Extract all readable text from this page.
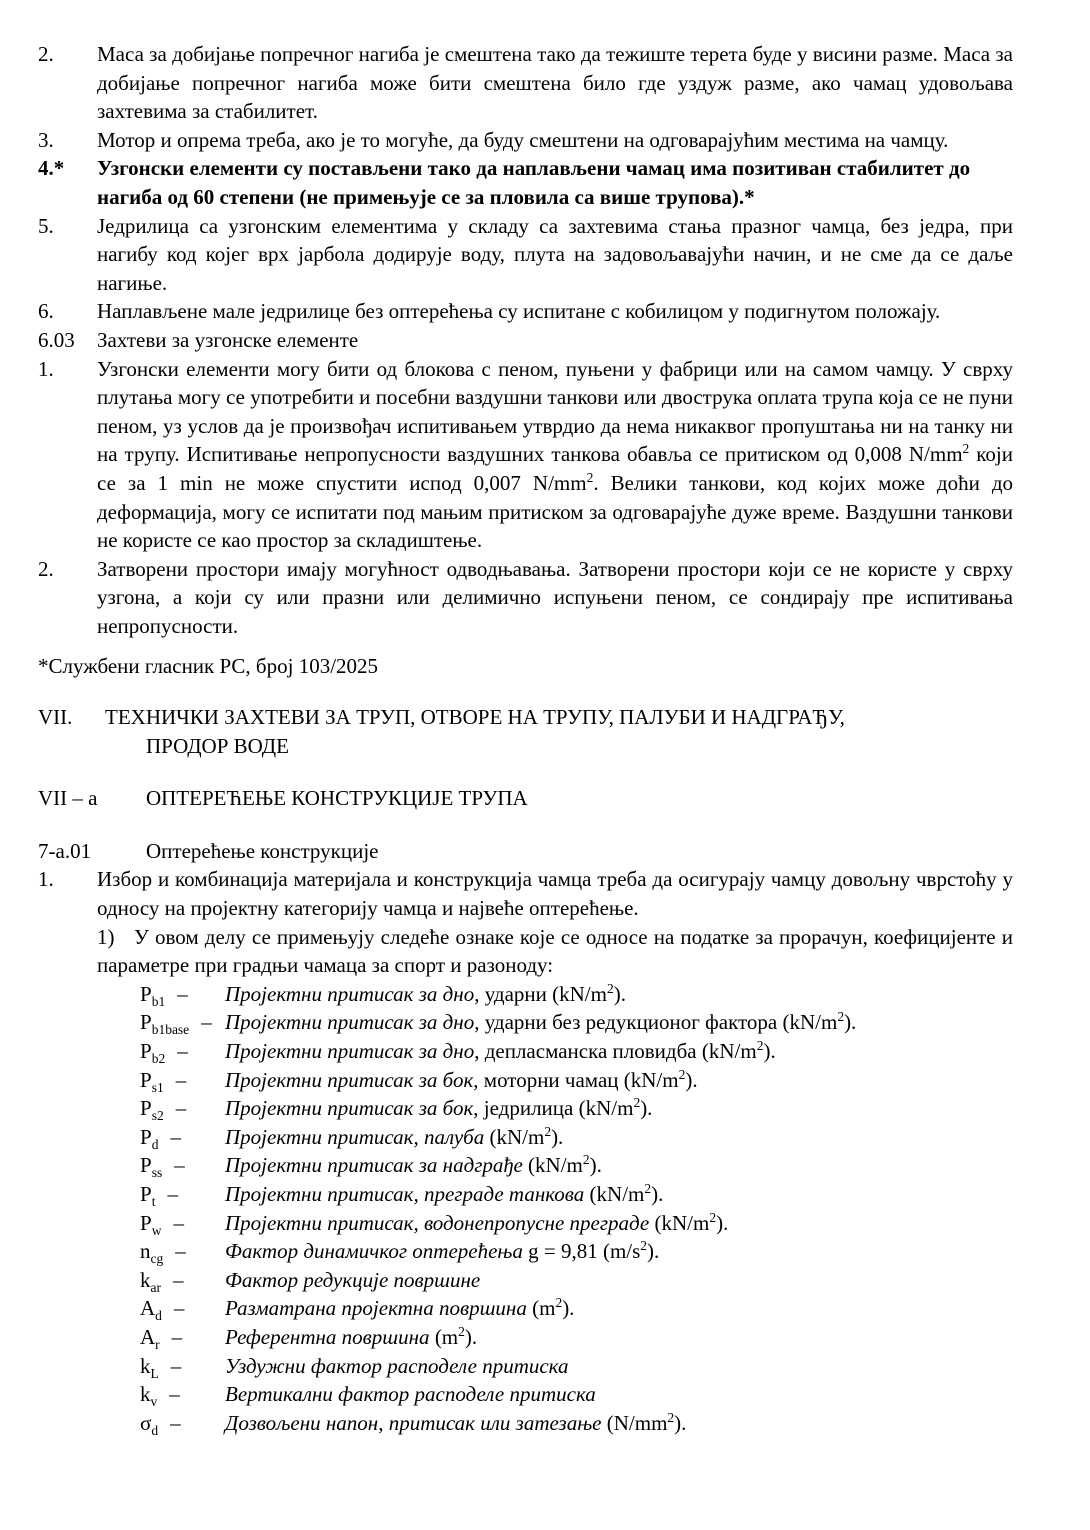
2. Маса за добијање попречног нагиба је смештена тако да тежиште терета буде у висини разме. Маса за добијање попречног нагиба може бити смештена било где уздуж разме, ако чамац удовољава захтевима за стабилитет.

3. Мотор и опрема треба, ако је то могуће, да буду смештени на одговарајућим местима на чамцу.

4.* Узгонски елементи су постављени тако да наплављени чамац има позитиван стабилитет до нагиба од 60 степени (не примењује се за пловила са више трупова).*

5. Једрилица са узгонским елементима у складу са захтевима стања празног чамца, без једра, при нагибу код којег врх јарбола додирује воду, плута на задовољавајући начин, и не сме да се даље нагиње.

6. Наплављене мале једрилице без оптерећења су испитане с кобилицом у подигнутом положају.

6.03 Захтеви за узгонске елементе

1. Узгонски елементи могу бити од блокова с пеном, пуњени у фабрици или на самом чамцу. У сврху плутања могу се употребити и посебни ваздушни танкови или двострука оплата трупа која се не пуни пеном, уз услов да је произвођач испитивањем утврдио да нема никаквог пропуштања ни на танку ни на трупу. Испитивање непропусности ваздушних танкова обавља се притиском од 0,008 $N/mm^2$ који се за 1 min не може спустити испод 0,007 $N/mm^2$. Велики танкови, код којих може доћи до деформација, могу се испитати под мањим притиском за одговарајуће дуже време. Ваздушни танкови не користе се као простор за складиштење.

2. Затворени простори имају могућност одводњавања. Затворени простори који се не користе у сврху узгона, а који су или празни или делимично испуњени пеном, се сондирају пре испитивања непропусности.

*Службени гласник РС, број 103/2025

VII. ТЕХНИЧКИ ЗАХТЕВИ ЗА ТРУП, ОТВОРЕ НА ТРУПУ, ПАЛУБИ И НАДГРАЂУ,
ПРОДОР ВОДЕ

VII – a ОПТЕРЕЋЕЊЕ КОНСТРУКЦИЈЕ ТРУПА

7-a.01	Оптерећење конструкције

1. Избор и комбинација материјала и конструкција чамца треба да осигурају чамцу довољну чврстоћу у односу на пројектну категорију чамца и највеће оптерећење.

1) У овом делу се примењују следеће ознаке које се односе на податке за прорачун, коефицијенте и параметре при градњи чамаца за спорт и разоноду:

$P_{b1}$ –	Пројектни притисак за дно, ударни $(kN/m^2)$.
$P_{b1base}$ – Пројектни притисак за дно, ударни без редукционог фактора $(kN/m^2)$.
$P_{b2}$ –	Пројектни притисак за дно, депласманска пловидба $(kN/m^2)$.
$P_{s1}$ –	Пројектни притисак за бок, моторни чамац $(kN/m^2)$.
$P_{s2}$ –	Пројектни притисак за бок, једрилица $(kN/m^2)$.
$P_d$ –	Пројектни притисак, палуба $(kN/m^2)$.
$P_{ss}$ –	Пројектни притисак за надграђе $(kN/m^2)$.
$P_t$ –	Пројектни притисак, преграде танкова $(kN/m^2)$.
$P_w$ –	Пројектни притисак, водонепропусне преграде $(kN/m^2)$.
$n_{cg}$ –	Фактор динамичког оптерећења g = 9,81 $(m/s^2)$.
$k_{ar}$ –	Фактор редукције површине
$A_d$ –	Разматрана пројектна површина $(m^2)$.
$A_r$ –	Референтна површина $(m^2)$.
$k_L$ –	Уздужни фактор расподеле притиска
$k_v$ –	Вертикални фактор расподеле притиска
$\sigma_d$ –	Дозвољени напон, притисак или затезање $(N/mm^2)$.
